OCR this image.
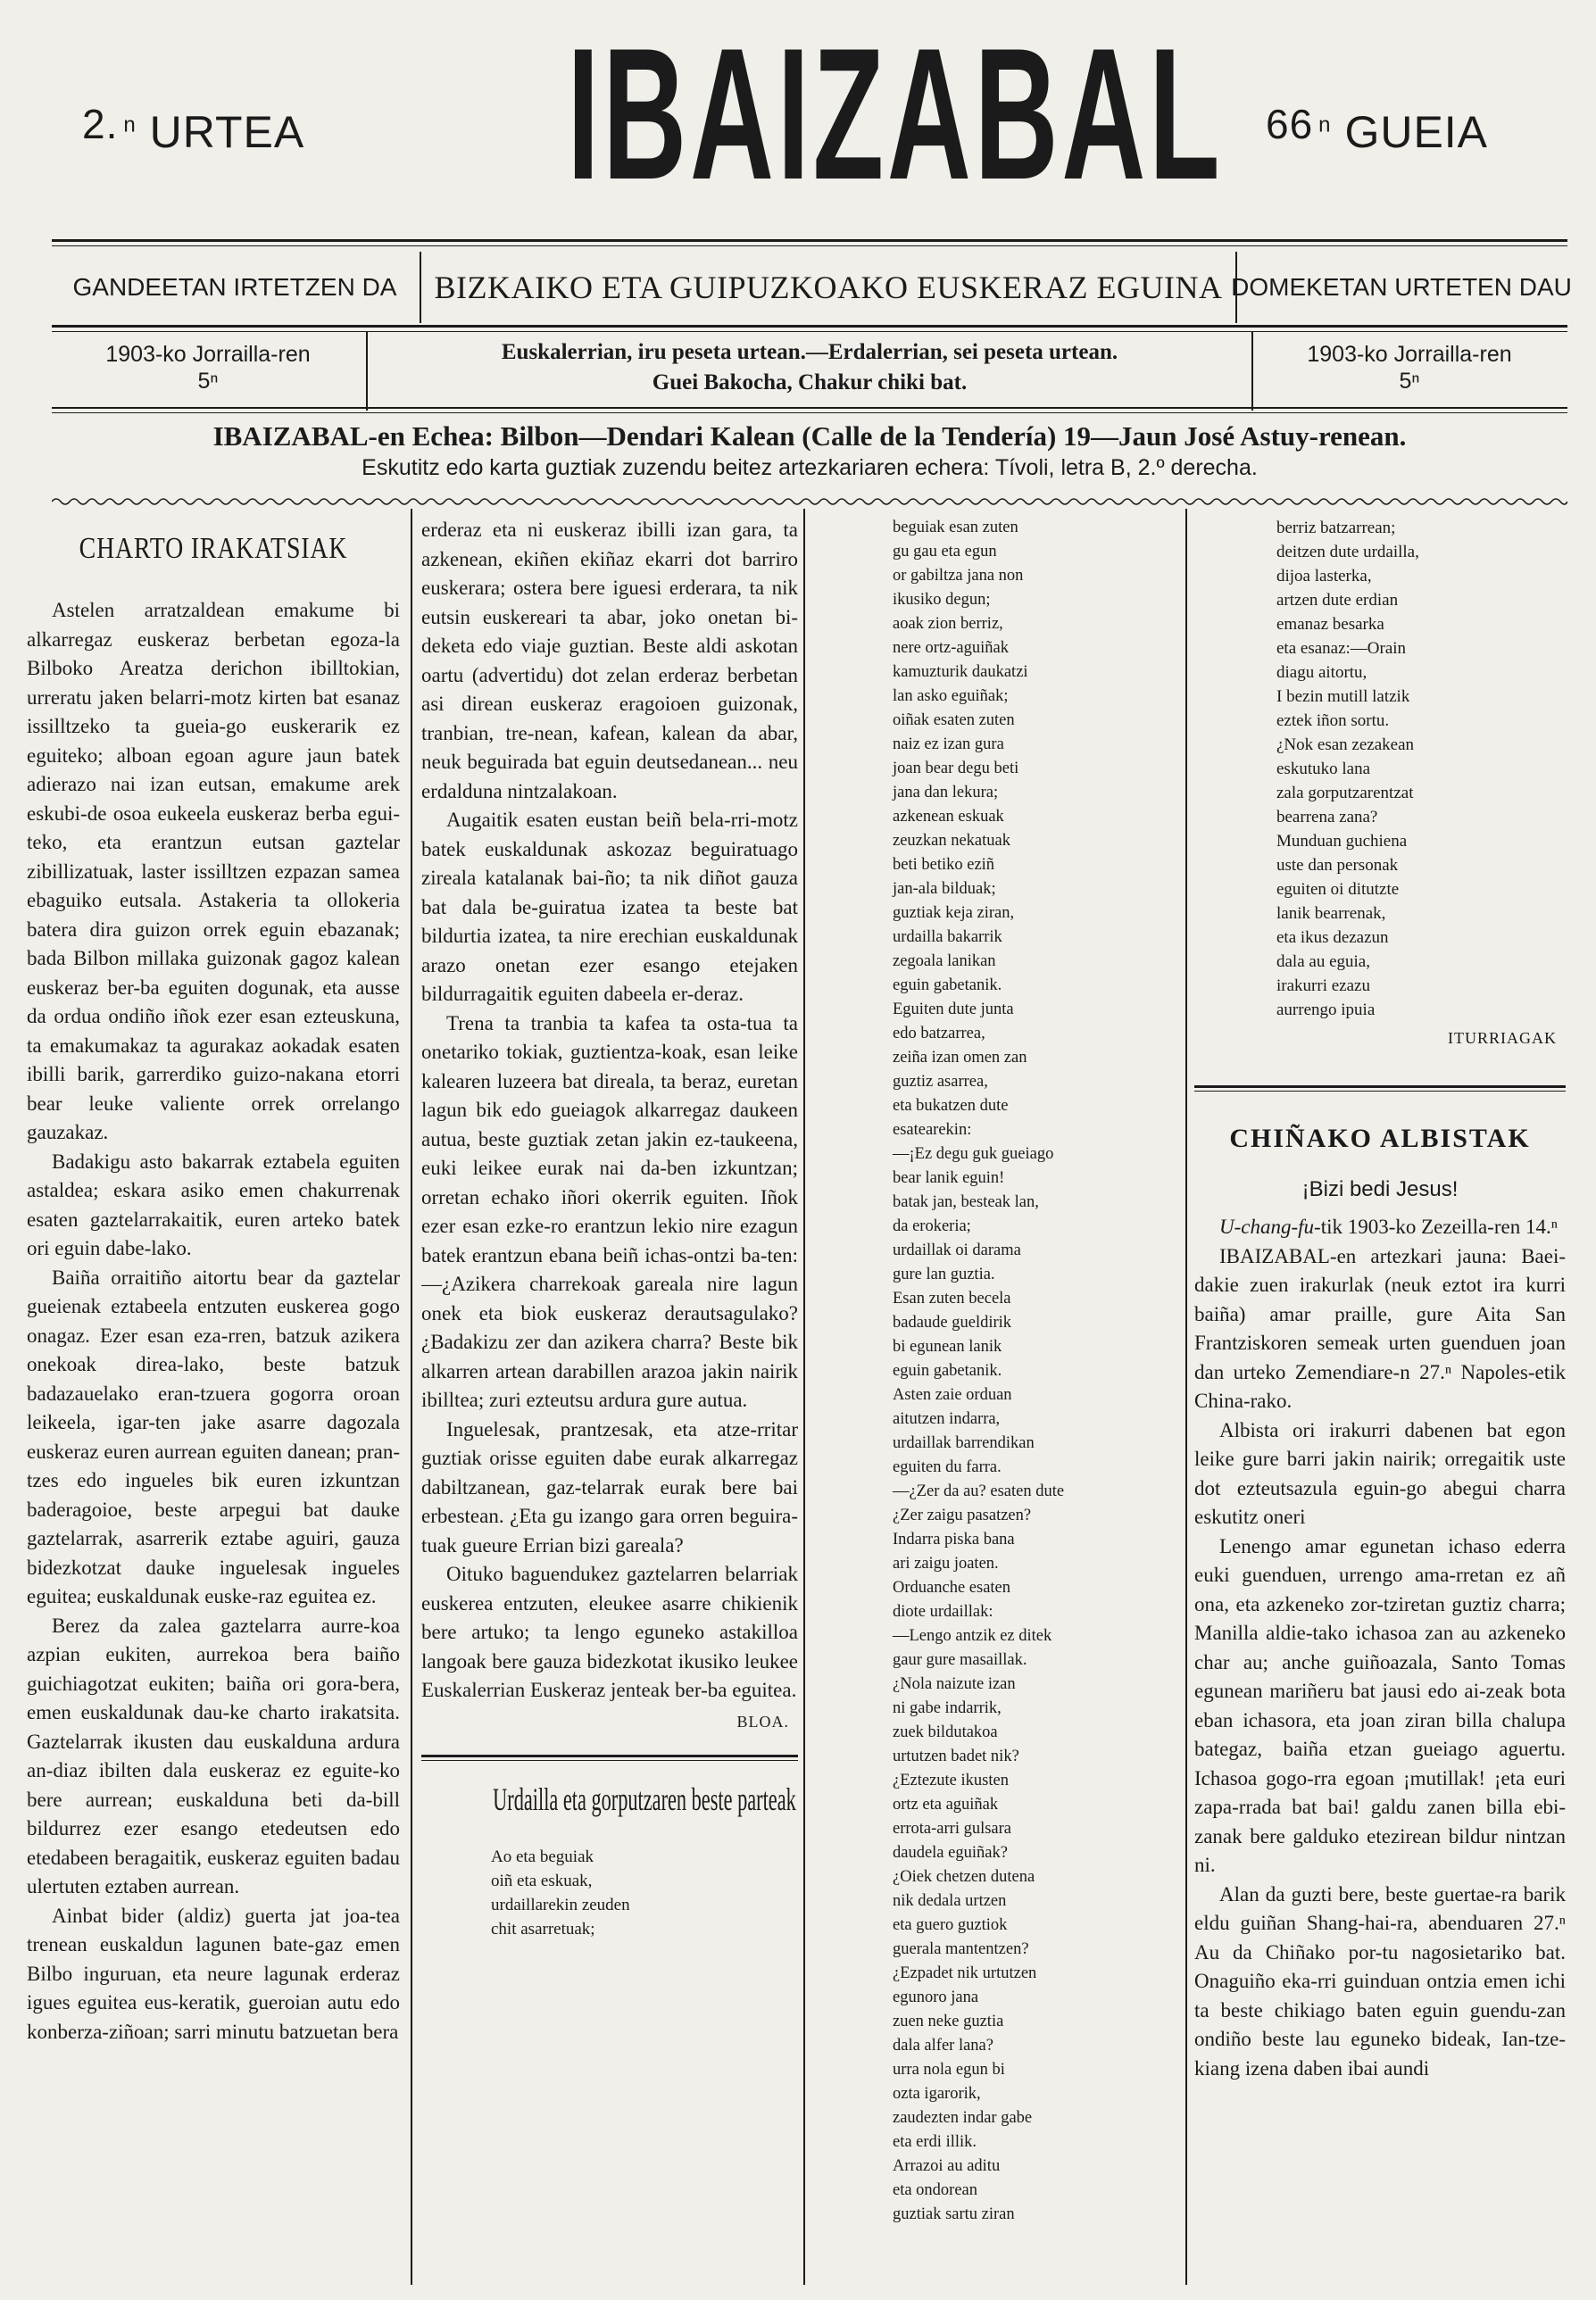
2. $^n$ URTEA IBAIZABAL 66 $^n$ GUEIA
GANDEETAN IRTETZEN DA	BIZKAIKO ETA GUIPUZKOAKO EUSKERAZ EGUINA DOMEKETAN URTETEN DAU
1903-ko Jorrailla-ren
5ⁿ
Euskalerrian, iru peseta urtean.—Erdalerrian, sei peseta urtean.
Guei Bakocha, Chakur chiki bat.
1903-ko Jorrailla-ren
5ⁿ
IBAIZABAL-en Echea: Bilbon—Dendari Kalean (Calle de la Tendería) 19—Jaun José Astuy-renean.
Eskutitz edo karta guztiak zuzendu beitez artezkariaren echera: Tívoli, letra B, 2.º derecha.
CHARTO IRAKATSIAK

Astelen arratzaldean emakume bi alkarregaz euskeraz berbetan egoza-la Bilboko Areatza derichon ibilltokian, urreratu jaken belarri-motz kirten bat esanaz issilltzeko ta gueia-go euskerarik ez eguiteko; alboan egoan agure jaun batek adierazo nai izan eutsan, emakume arek eskubi-de osoa eukeela euskeraz berba egui-teko, eta erantzun eutsan gaztelar zibillizatuak, laster issilltzen ezpazan samea ebaguiko eutsala. Astakeria ta ollokeria batera dira guizon orrek eguin ebazanak; bada Bilbon millaka guizonak gagoz kalean euskeraz ber-ba eguiten dogunak, eta ausse da ordua ondiño iñok ezer esan ezteuskuna, ta emakumakaz ta agurakaz aokadak esaten ibilli barik, garrerdiko guizo-nakana etorri bear leuke valiente orrek orrelango gauzakaz.

Badakigu asto bakarrak eztabela eguiten astaldea; eskara asiko emen chakurrenak esaten gaztelarrakaitik, euren arteko batek ori eguin dabe-lako.

Baiña orraitiño aitortu bear da gaztelar gueienak eztabeela entzuten euskerea gogo onagaz. Ezer esan eza-rren, batzuk azikera onekoak direa-lako, beste batzuk badazauelako eran-tzuera gogorra oroan leikeela, igar-ten jake asarre dagozala euskeraz euren aurrean eguiten danean; pran-tzes edo ingueles bik euren izkuntzan baderagoioe, beste arpegui bat dauke gaztelarrak, asarrerik eztabe aguiri, gauza bidezkotzat dauke inguelesak ingueles eguitea; euskaldunak euske-raz eguitea ez.

Berez da zalea gaztelarra aurre-koa azpian eukiten, aurrekoa bera baiño guichiagotzat eukiten; baiña ori gora-bera, emen euskaldunak dau-ke charto irakatsita. Gaztelarrak ikusten dau euskalduna ardura an-diaz ibilten dala euskeraz ez eguite-ko bere aurrean; euskalduna beti da-bill bildurrez ezer esango etedeutsen edo etedabeen beragaitik, euskeraz eguiten badau ulertuten eztaben aurrean.

Ainbat bider (aldiz) guerta jat joa-tea trenean euskaldun lagunen bate-gaz emen Bilbo inguruan, eta neure lagunak erderaz igues eguitea eus-keratik, gueroian autu edo konberza-ziñoan; sarri minutu batzuetan bera

erderaz eta ni euskeraz ibilli izan gara, ta azkenean, ekiñen ekiñaz ekarri dot barriro euskerara; ostera bere iguesi erderara, ta nik eutsin euskereari ta abar, joko onetan bi-deketa edo viaje guztian. Beste aldi askotan oartu (advertidu) dot zelan erderaz berbetan asi direan euskeraz eragoioen guizonak, tranbian, tre-nean, kafean, kalean da abar, neuk beguirada bat eguin deutsedanean... neu erdalduna nintzalakoan.

Augaitik esaten eustan beiñ bela-rri-motz batek euskaldunak askozaz beguiratuago zireala katalanak bai-ño; ta nik diñot gauza bat dala be-guiratua izatea ta beste bat bildurtia izatea, ta nire erechian euskaldunak arazo onetan ezer esango etejaken bildurragaitik eguiten dabeela er-deraz.

Trena ta tranbia ta kafea ta osta-tua ta onetariko tokiak, guztientza-koak, esan leike kalearen luzeera bat direala, ta beraz, euretan lagun bik edo gueiagok alkarregaz daukeen autua, beste guztiak zetan jakin ez-taukeena, euki leikee eurak nai da-ben izkuntzan; orretan echako iñori okerrik eguiten. Iñok ezer esan ezke-ro erantzun lekio nire ezagun batek erantzun ebana beiñ ichas-ontzi ba-ten:—¿Azikera charrekoak gareala nire lagun onek eta biok euskeraz derautsagulako? ¿Badakizu zer dan azikera charra? Beste bik alkarren artean darabillen arazoa jakin nairik ibilltea; zuri ezteutsu ardura gure autua.

Inguelesak, prantzesak, eta atze-rritar guztiak orisse eguiten dabe eurak alkarregaz dabiltzanean, gaz-telarrak eurak bere bai erbestean. ¿Eta gu izango gara orren beguira-tuak gueure Errian bizi gareala?

Oituko baguendukez gaztelarren belarriak euskerea entzuten, eleukee asarre chikienik bere artuko; ta lengo eguneko astakilloa langoak bere gauza bidezkotat ikusiko leukee Euskalerrian Euskeraz jenteak ber-ba eguitea.

BLOA.
Urdailla eta gorputzaren beste parteak
Ao eta beguiak
oiñ eta eskuak,
urdaillarekin zeuden
chit asarretuak;
beguiak esan zuten
gu gau eta egun
or gabiltza jana non
ikusiko degun;
aoak zion berriz,
nere ortz-aguiñak
kamuzturik daukatzi
lan asko eguiñak;
oiñak esaten zuten
naiz ez izan gura
joan bear degu beti
jana dan lekura;
azkenean eskuak
zeuzkan nekatuak
beti betiko eziñ
jan-ala bilduak;
guztiak keja ziran,
urdailla bakarrik
zegoala lanikan
eguin gabetanik.
Eguiten dute junta
edo batzarrea,
zeiña izan omen zan
guztiz asarrea,
eta bukatzen dute
esatearekin:
—¡Ez degu guk gueiago
bear lanik eguin!
batak jan, besteak lan,
da erokeria;
urdaillak oi darama
gure lan guztia.
Esan zuten becela
badaude gueldirik
bi egunean lanik
eguin gabetanik.
Asten zaie orduan
aitutzen indarra,
urdaillak barrendikan
eguiten du farra.
—¿Zer da au? esaten dute
¿Zer zaigu pasatzen?
Indarra piska bana
ari zaigu joaten.
Orduanche esaten
diote urdaillak:
—Lengo antzik ez ditek
gaur gure masaillak.
¿Nola naizute izan
ni gabe indarrik,
zuek bildutakoa
urtutzen badet nik?
¿Eztezute ikusten
ortz eta aguiñak
errota-arri gulsara
daudela eguiñak?
¿Oiek chetzen dutena
nik dedala urtzen
eta guero guztiok
guerala mantentzen?
¿Ezpadet nik urtutzen
egunoro jana
zuen neke guztia
dala alfer lana?
urra nola egun bi
ozta igarorik,
zaudezten indar gabe
eta erdi illik.
Arrazoi au aditu
eta ondorean
guztiak sartu ziran
berriz batzarrean;
deitzen dute urdailla,
dijoa lasterka,
artzen dute erdian
emanaz besarka
eta esanaz:—Orain
diagu aitortu,
I bezin mutill latzik
eztek iñon sortu.
¿Nok esan zezakean
eskutuko lana
zala gorputzarentzat
bearrena zana?
Munduan guchiena
uste dan personak
eguiten oi ditutzte
lanik bearrenak,
eta ikus dezazun
dala au eguia,
irakurri ezazu
aurrengo ipuia
ITURRIAGAK
CHIÑAKO ALBISTAK
¡Bizi bedi Jesus!

U-chang-fu-tik 1903-ko Zezeilla-ren 14.ⁿ

IBAIZABAL-en artezkari jauna: Baei-dakie zuen irakurlak (neuk eztot ira kurri baiña) amar praille, gure Aita San Frantziskoren semeak urten guenduen joan dan urteko Zemendiare-n 27.ⁿ Napoles-etik China-rako.

Albista ori irakurri dabenen bat egon leike gure barri jakin nairik; orregaitik uste dot ezteutsazula eguin-go abegui charra eskutitz oneri

Lenengo amar egunetan ichaso ederra euki guenduen, urrengo ama-rretan ez añ ona, eta azkeneko zor-tziretan guztiz charra; Manilla aldie-tako ichasoa zan au azkeneko char au; anche guiñoazala, Santo Tomas egunean mariñeru bat jausi edo ai-zeak bota eban ichasora, eta joan ziran billa chalupa bategaz, baiña etzan gueiago aguertu. Ichasoa gogo-rra egoan ¡mutillak! ¡eta euri zapa-rrada bat bai! galdu zanen billa ebi-zanak bere galduko etezirean bildur nintzan ni.

Alan da guzti bere, beste guertae-ra barik eldu guiñan Shang-hai-ra, abenduaren 27.ⁿ Au da Chiñako por-tu nagosietariko bat. Onaguiño eka-rri guinduan ontzia emen ichi ta beste chikiago baten eguin guendu-zan ondiño beste lau eguneko bideak, Ian-tze-kiang izena daben ibai aundi
